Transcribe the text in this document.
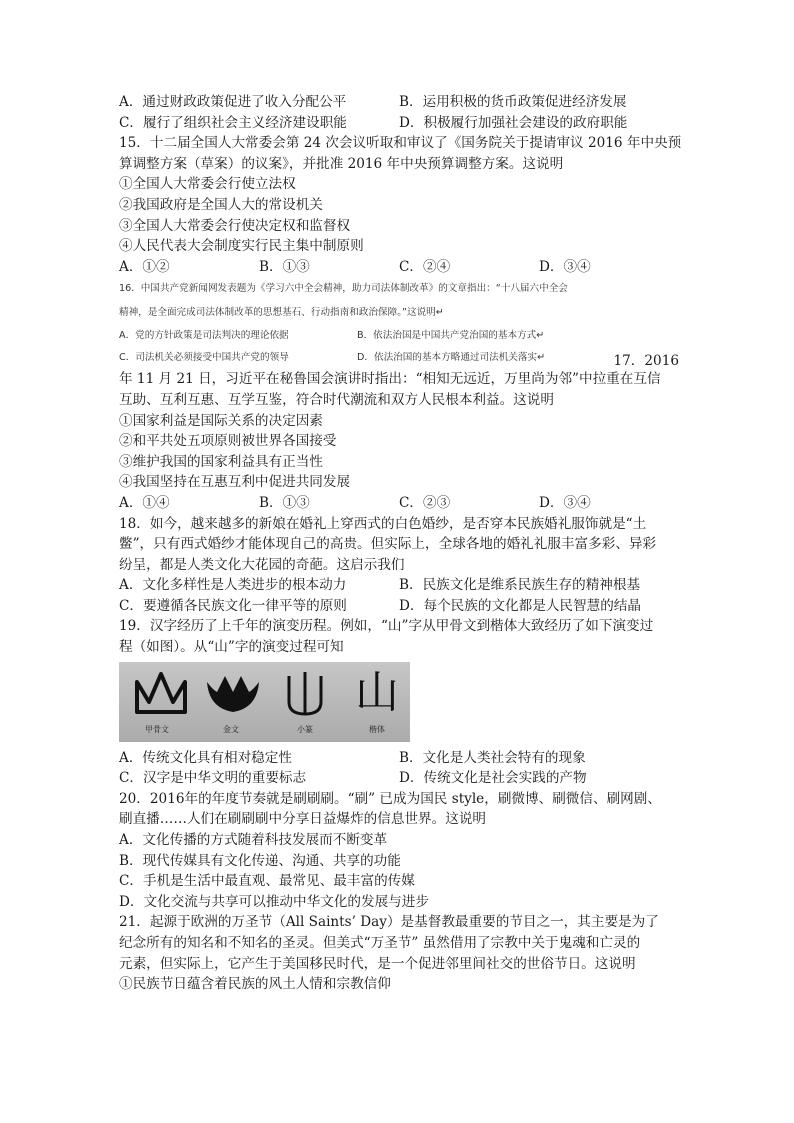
A．通过财政政策促进了收入分配公平	B．运用积极的货币政策促进经济发展
C．履行了组织社会主义经济建设职能	D．积极履行加强社会建设的政府职能
15．十二届全国人大常委会第 24 次会议听取和审议了《国务院关于提请审议 2016 年中央预
算调整方案（草案）的议案》，并批准 2016 年中央预算调整方案。这说明
①全国人大常委会行使立法权
②我国政府是全国人大的常设机关
③全国人大常委会行使决定权和监督权
④人民代表大会制度实行民主集中制原则
A．①②	B．①③	C．②④	D．③④
16．中国共产党新闻网发表题为《学习六中全会精神，助力司法体制改革》的文章指出：“十八届六中全会
精神，是全面完成司法体制改革的思想基石、行动指南和政治保障。”这说明↵
A．党的方针政策是司法判决的理论依据	B．依法治国是中国共产党治国的基本方式↵
C．司法机关必须接受中国共产党的领导	D．依法治国的基本方略通过司法机关落实↵	17．2016
年 11 月 21 日，习近平在秘鲁国会演讲时指出：“相知无远近，万里尚为邻”中拉重在互信
互助、互利互惠、互学互鉴，符合时代潮流和双方人民根本利益。这说明
①国家利益是国际关系的决定因素
②和平共处五项原则被世界各国接受
③维护我国的国家利益具有正当性
④我国坚持在互惠互利中促进共同发展
A．①④	B．①③	C．②③	D．③④
18．如今，越来越多的新娘在婚礼上穿西式的白色婚纱，是否穿本民族婚礼服饰就是“土
鳖”，只有西式婚纱才能体现自己的高贵。但实际上，全球各地的婚礼礼服丰富多彩、异彩
纷呈，都是人类文化大花园的奇葩。这启示我们
A．文化多样性是人类进步的根本动力	B．民族文化是维系民族生存的精神根基
C．要遵循各民族文化一律平等的原则	D．每个民族的文化都是人民智慧的结晶
19．汉字经历了上千年的演变历程。例如，“山”字从甲骨文到楷体大致经历了如下演变过
程（如图）。从“山”字的演变过程可知
山
甲骨文	金文	小篆	楷体
A．传统文化具有相对稳定性	B．文化是人类社会特有的现象
C．汉字是中华文明的重要标志	D．传统文化是社会实践的产物
20．2016年的年度节奏就是刷刷刷。“刷” 已成为国民 style，刷微博、刷微信、刷网剧、
刷直播……人们在刷刷刷中分享日益爆炸的信息世界。这说明
A．文化传播的方式随着科技发展而不断变革
B．现代传媒具有文化传递、沟通、共享的功能
C．手机是生活中最直观、最常见、最丰富的传媒
D．文化交流与共享可以推动中华文化的发展与进步
21．起源于欧洲的万圣节（All Saints’ Day）是基督教最重要的节目之一，其主要是为了
纪念所有的知名和不知名的圣灵。但美式“万圣节” 虽然借用了宗教中关于鬼魂和亡灵的
元素，但实际上，它产生于美国移民时代，是一个促进邻里间社交的世俗节日。这说明
①民族节日蕴含着民族的风土人情和宗教信仰
